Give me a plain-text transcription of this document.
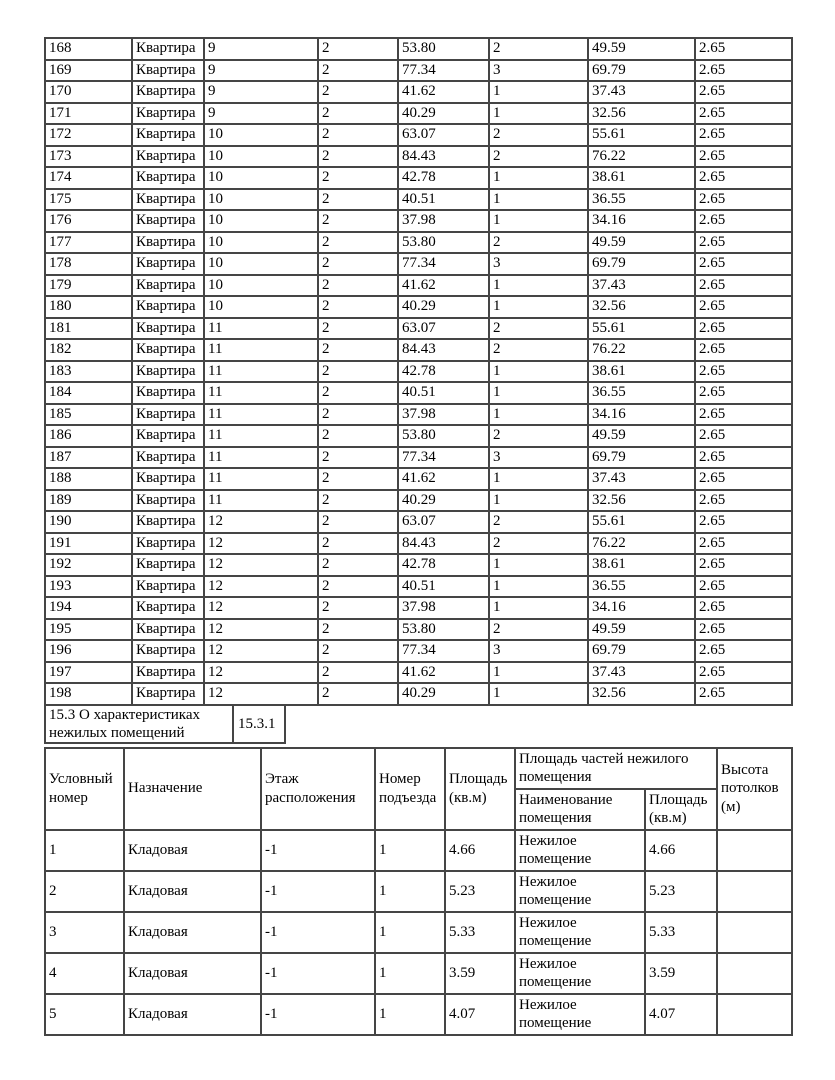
168	Квартира	9	2	53.80	2	49.59	2.65
169	Квартира	9	2	77.34	3	69.79	2.65
170	Квартира	9	2	41.62	1	37.43	2.65
171	Квартира	9	2	40.29	1	32.56	2.65
172	Квартира	10	2	63.07	2	55.61	2.65
173	Квартира	10	2	84.43	2	76.22	2.65
174	Квартира	10	2	42.78	1	38.61	2.65
175	Квартира	10	2	40.51	1	36.55	2.65
176	Квартира	10	2	37.98	1	34.16	2.65
177	Квартира	10	2	53.80	2	49.59	2.65
178	Квартира	10	2	77.34	3	69.79	2.65
179	Квартира	10	2	41.62	1	37.43	2.65
180	Квартира	10	2	40.29	1	32.56	2.65
181	Квартира	11	2	63.07	2	55.61	2.65
182	Квартира	11	2	84.43	2	76.22	2.65
183	Квартира	11	2	42.78	1	38.61	2.65
184	Квартира	11	2	40.51	1	36.55	2.65
185	Квартира	11	2	37.98	1	34.16	2.65
186	Квартира	11	2	53.80	2	49.59	2.65
187	Квартира	11	2	77.34	3	69.79	2.65
188	Квартира	11	2	41.62	1	37.43	2.65
189	Квартира	11	2	40.29	1	32.56	2.65
190	Квартира	12	2	63.07	2	55.61	2.65
191	Квартира	12	2	84.43	2	76.22	2.65
192	Квартира	12	2	42.78	1	38.61	2.65
193	Квартира	12	2	40.51	1	36.55	2.65
194	Квартира	12	2	37.98	1	34.16	2.65
195	Квартира	12	2	53.80	2	49.59	2.65
196	Квартира	12	2	77.34	3	69.79	2.65
197	Квартира	12	2	41.62	1	37.43	2.65
198	Квартира	12	2	40.29	1	32.56	2.65
15.3 О характеристиках нежилых помещений	15.3.1	
Условный номер	Назначение	Этаж расположения	Номер подъезда	Площадь (кв.м)	Площадь частей нежилого помещения		Высота потолков (м)
					Наименование помещения	Площадь (кв.м)	
1	Кладовая	-1	1	4.66	Нежилое помещение	4.66	
2	Кладовая	-1	1	5.23	Нежилое помещение	5.23	
3	Кладовая	-1	1	5.33	Нежилое помещение	5.33	
4	Кладовая	-1	1	3.59	Нежилое помещение	3.59	
5	Кладовая	-1	1	4.07	Нежилое помещение	4.07	
